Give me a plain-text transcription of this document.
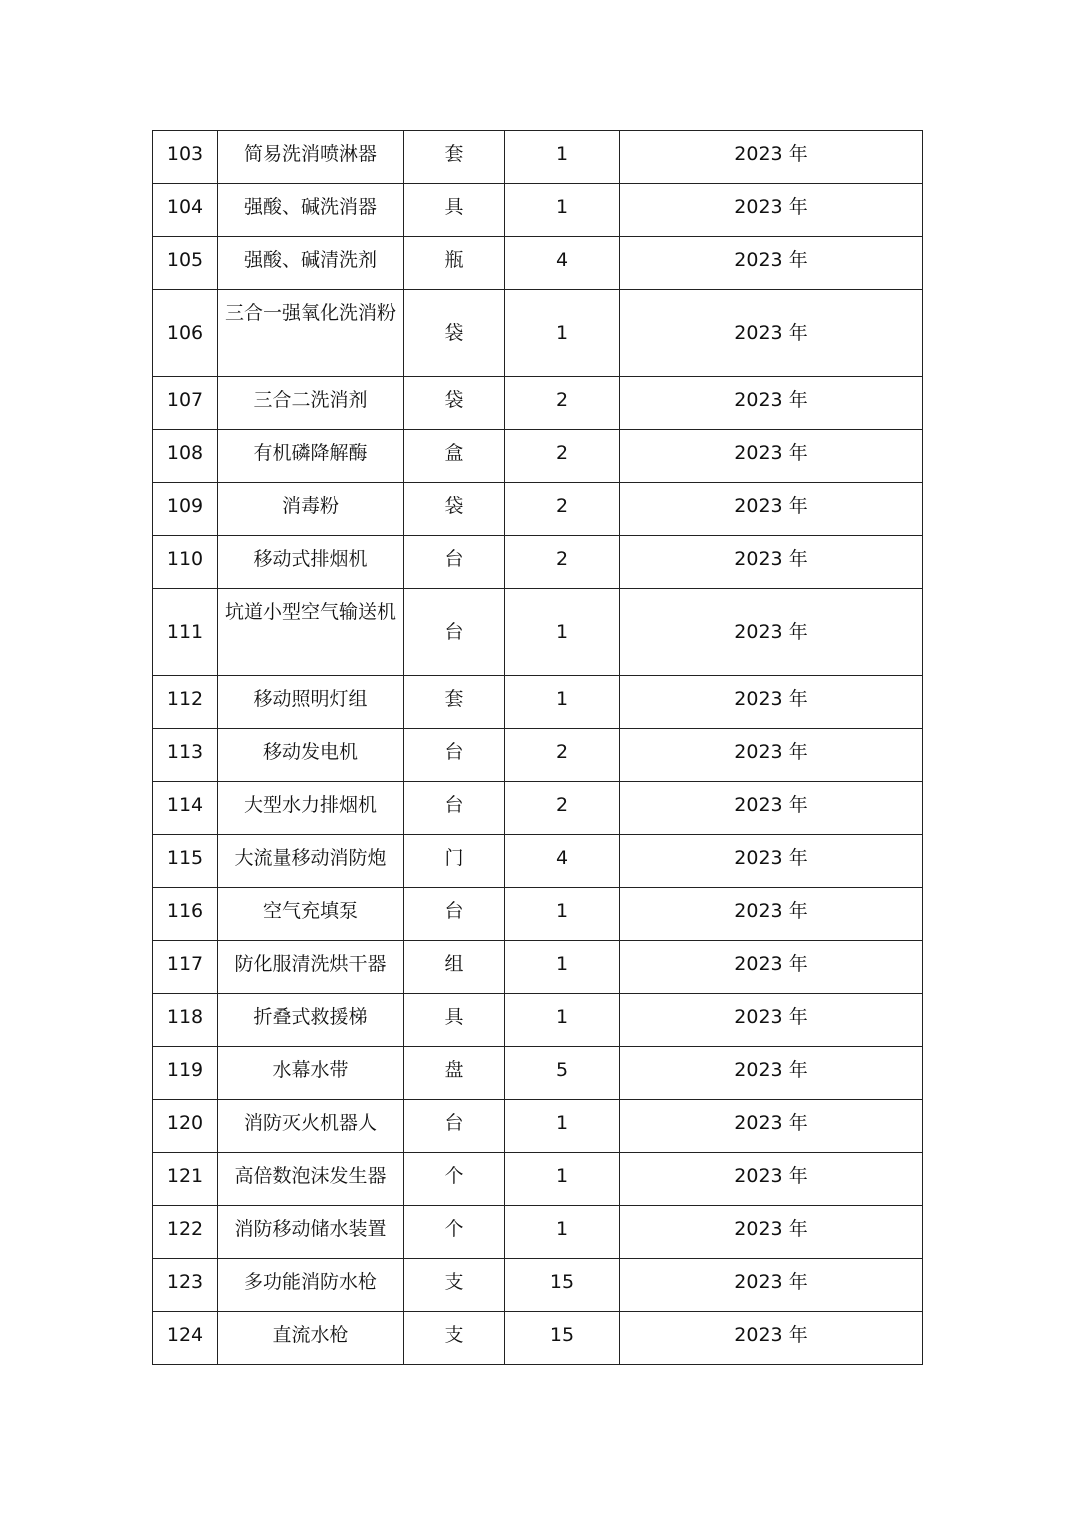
103	简易洗消喷淋器	套	1	2023 年
104	强酸、碱洗消器	具	1	2023 年
105	强酸、碱清洗剂	瓶	4	2023 年
106	三合一强氧化洗消粉	袋	1	2023 年
107	三合二洗消剂	袋	2	2023 年
108	有机磷降解酶	盒	2	2023 年
109	消毒粉	袋	2	2023 年
110	移动式排烟机	台	2	2023 年
111	坑道小型空气输送机	台	1	2023 年
112	移动照明灯组	套	1	2023 年
113	移动发电机	台	2	2023 年
114	大型水力排烟机	台	2	2023 年
115	大流量移动消防炮	门	4	2023 年
116	空气充填泵	台	1	2023 年
117	防化服清洗烘干器	组	1	2023 年
118	折叠式救援梯	具	1	2023 年
119	水幕水带	盘	5	2023 年
120	消防灭火机器人	台	1	2023 年
121	高倍数泡沫发生器	个	1	2023 年
122	消防移动储水装置	个	1	2023 年
123	多功能消防水枪	支	15	2023 年
124	直流水枪	支	15	2023 年
